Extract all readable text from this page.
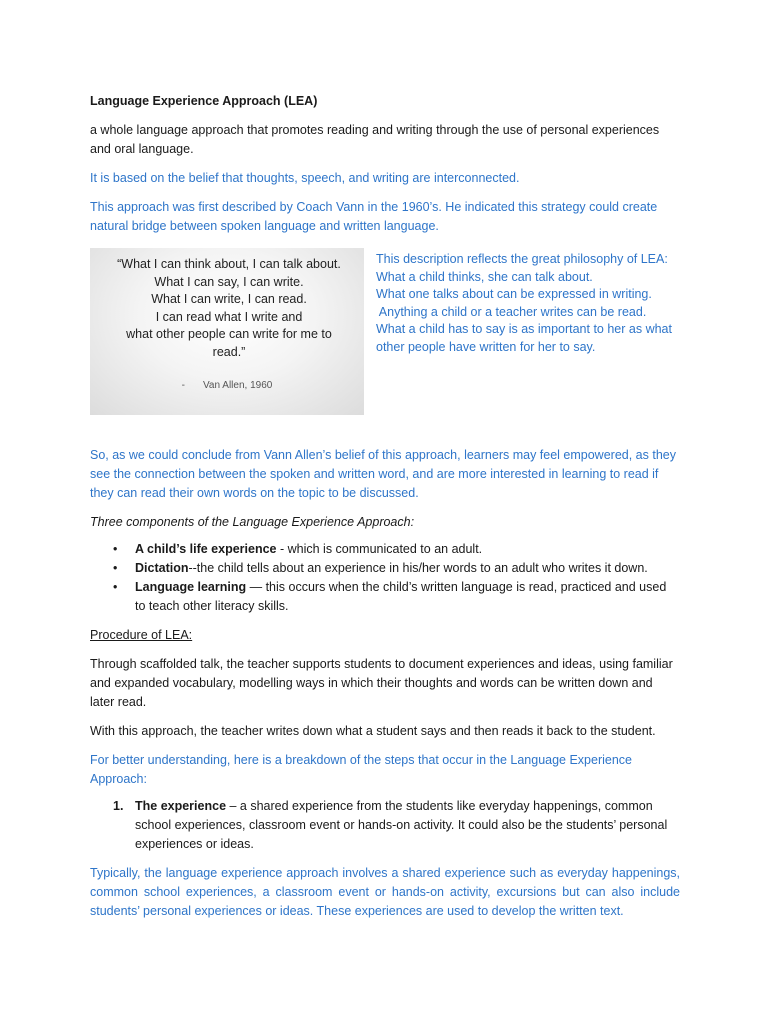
Language Experience Approach (LEA)

a whole language approach that promotes reading and writing through the use of personal experiences and oral language.

It is based on the belief that thoughts, speech, and writing are interconnected.

This approach was first described by Coach Vann in the 1960’s. He indicated this strategy could create natural bridge between spoken language and written language.

“What I can think about, I can talk about.
What I can say, I can write.
What I can write, I can read.
I can read what I write and
what other people can write for me to
read.”
- Van Allen, 1960

This description reflects the great philosophy of LEA:

What a child thinks, she can talk about.

What one talks about can be expressed in writing.

Anything a child or a teacher writes can be read.

What a child has to say is as important to her as what other people have written for her to say.

So, as we could conclude from Vann Allen’s belief of this approach, learners may feel empowered, as they see the connection between the spoken and written word, and are more interested in learning to read if they can read their own words on the topic to be discussed.

Three components of the Language Experience Approach:

• A child’s life experience - which is communicated to an adult.
• Dictation--the child tells about an experience in his/her words to an adult who writes it down.
• Language learning — this occurs when the child’s written language is read, practiced and used to teach other literacy skills.

Procedure of LEA:

Through scaffolded talk, the teacher supports students to document experiences and ideas, using familiar and expanded vocabulary, modelling ways in which their thoughts and words can be written down and later read.

With this approach, the teacher writes down what a student says and then reads it back to the student.

For better understanding, here is a breakdown of the steps that occur in the Language Experience Approach:

1. The experience – a shared experience from the students like everyday happenings, common school experiences, classroom event or hands-on activity. It could also be the students’ personal experiences or ideas.

Typically, the language experience approach involves a shared experience such as everyday happenings, common school experiences, a classroom event or hands-on activity, excursions but can also include students’ personal experiences or ideas. These experiences are used to develop the written text.
